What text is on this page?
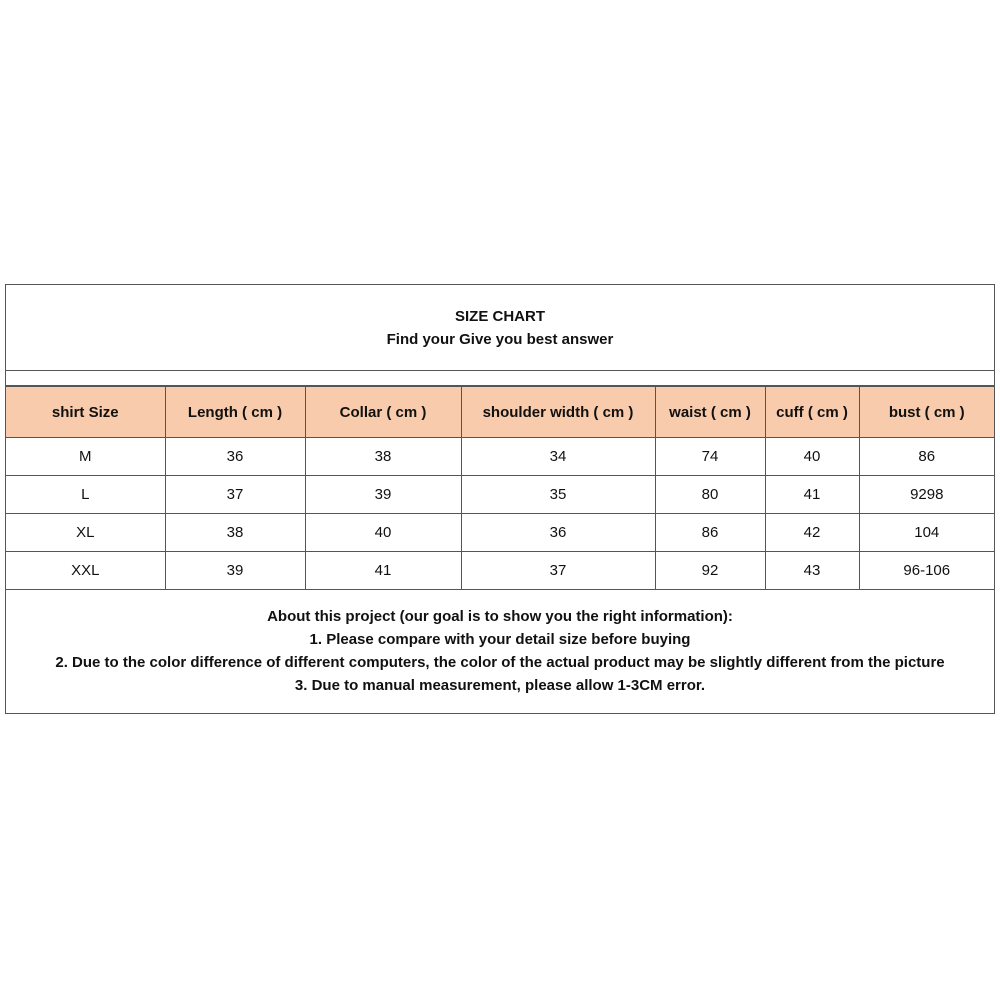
SIZE CHART
Find your Give you best answer
shirt Size	Length ( cm )	Collar ( cm )	shoulder width ( cm )	waist ( cm )	cuff ( cm )	bust ( cm )
M	36	38	34	74	40	86
L	37	39	35	80	41	9298
XL	38	40	36	86	42	104
XXL	39	41	37	92	43	96-106
About this project (our goal is to show you the right information):
1. Please compare with your detail size before buying
2. Due to the color difference of different computers, the color of the actual product may be slightly different from the picture
3. Due to manual measurement, please allow 1-3CM error.
